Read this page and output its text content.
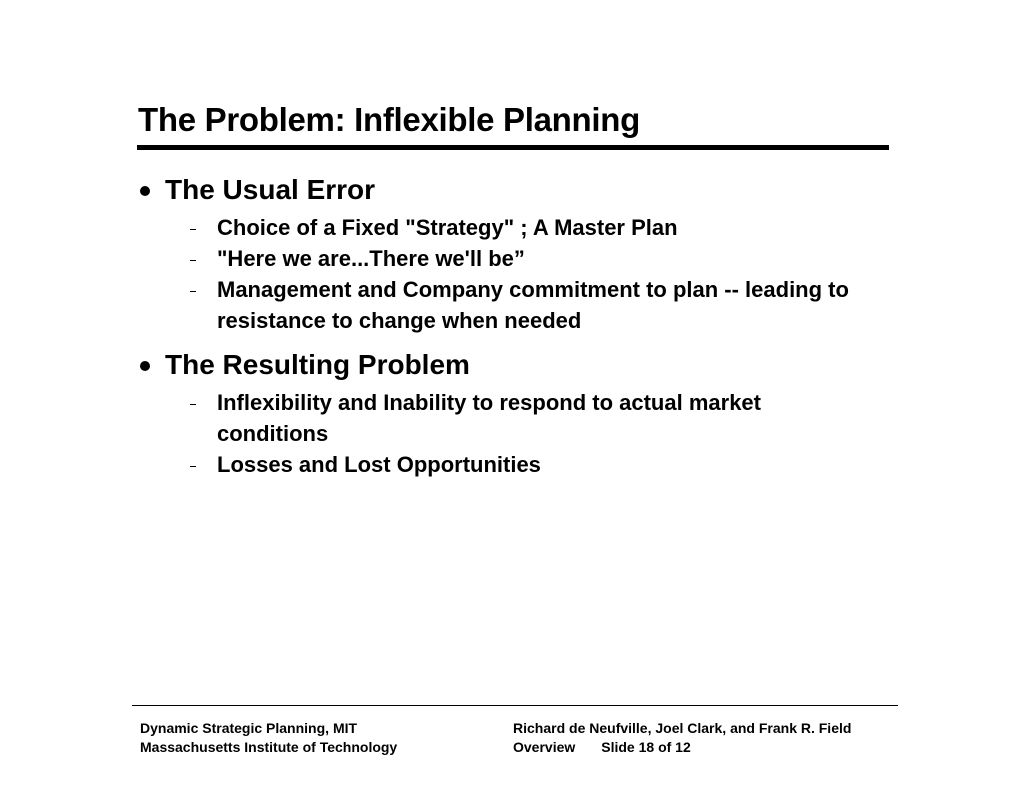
The Problem: Inflexible Planning
The Usual Error
Choice of a Fixed "Strategy" ; A Master Plan
"Here we are...There we'll be”
Management and Company commitment to plan -- leading to resistance to change when needed
The Resulting Problem
Inflexibility and Inability to respond to actual market conditions
Losses and Lost Opportunities
Dynamic Strategic Planning, MIT
Massachusetts Institute of Technology
Richard de Neufville, Joel Clark, and Frank R. Field
Overview Slide 18 of 12
